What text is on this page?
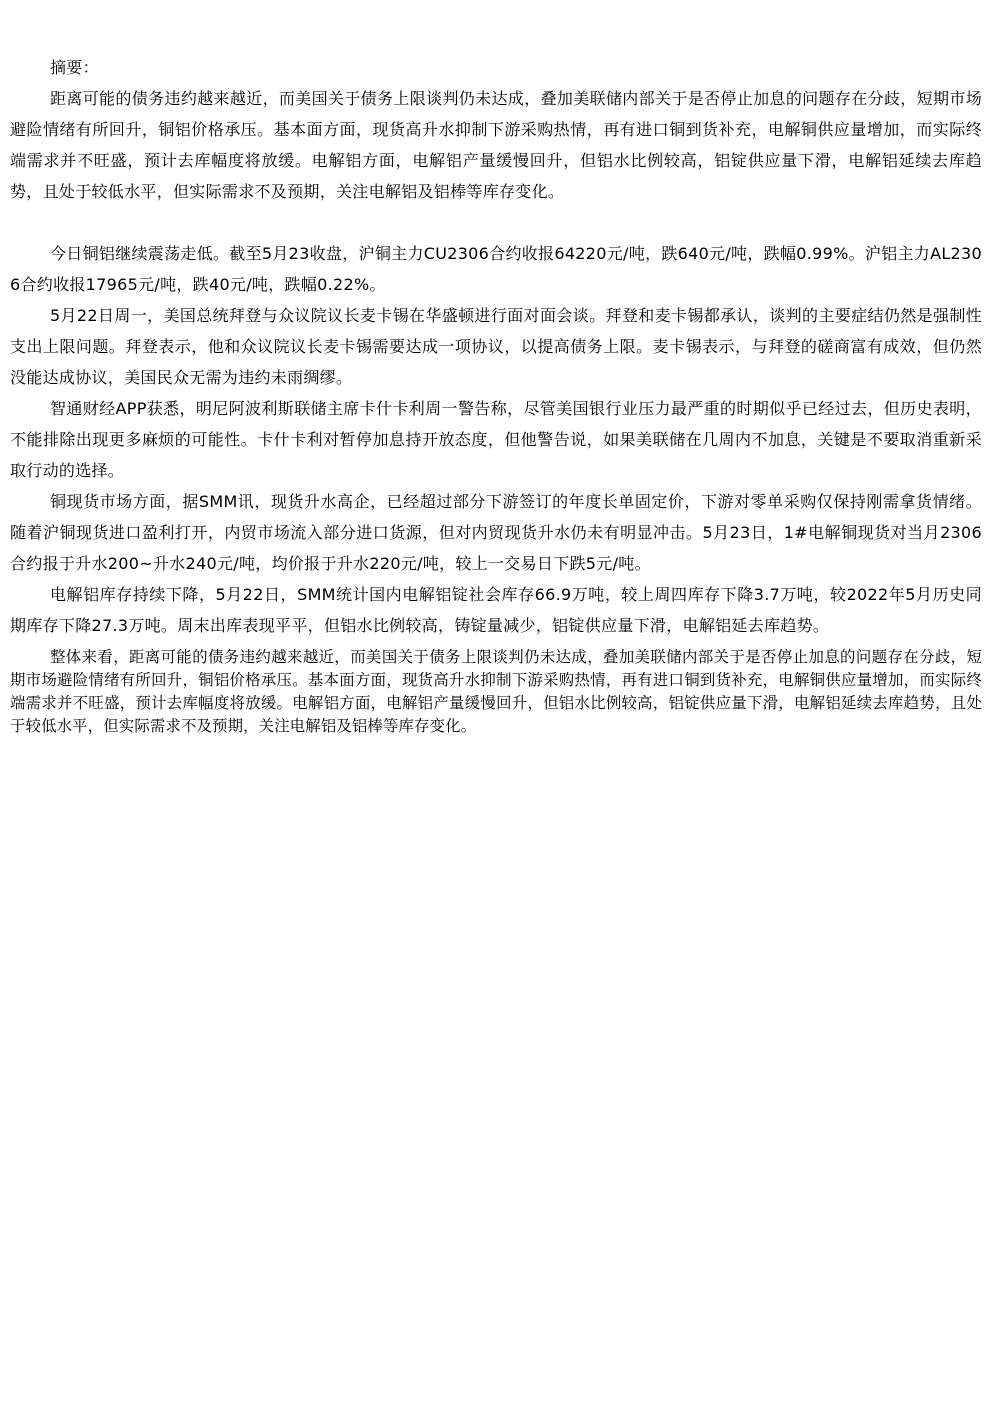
摘要：

距离可能的债务违约越来越近，而美国关于债务上限谈判仍未达成，叠加美联储内部关于是否停止加息的问题存在分歧，短期市场避险情绪有所回升，铜铝价格承压。基本面方面，现货高升水抑制下游采购热情，再有进口铜到货补充，电解铜供应量增加，而实际终端需求并不旺盛，预计去库幅度将放缓。电解铝方面，电解铝产量缓慢回升，但铝水比例较高，铝锭供应量下滑，电解铝延续去库趋势，且处于较低水平，但实际需求不及预期，关注电解铝及铝棒等库存变化。

今日铜铝继续震荡走低。截至5月23收盘，沪铜主力CU2306合约收报64220元/吨，跌640元/吨，跌幅0.99%。沪铝主力AL2306合约收报17965元/吨，跌40元/吨，跌幅0.22%。

5月22日周一，美国总统拜登与众议院议长麦卡锡在华盛顿进行面对面会谈。拜登和麦卡锡都承认，谈判的主要症结仍然是强制性支出上限问题。拜登表示，他和众议院议长麦卡锡需要达成一项协议，以提高债务上限。麦卡锡表示，与拜登的磋商富有成效，但仍然没能达成协议，美国民众无需为违约未雨绸缪。

智通财经APP获悉，明尼阿波利斯联储主席卡什卡利周一警告称，尽管美国银行业压力最严重的时期似乎已经过去，但历史表明，不能排除出现更多麻烦的可能性。卡什卡利对暂停加息持开放态度，但他警告说，如果美联储在几周内不加息，关键是不要取消重新采取行动的选择。

铜现货市场方面，据SMM讯，现货升水高企，已经超过部分下游签订的年度长单固定价，下游对零单采购仅保持刚需拿货情绪。随着沪铜现货进口盈利打开，内贸市场流入部分进口货源，但对内贸现货升水仍未有明显冲击。5月23日，1#电解铜现货对当月2306合约报于升水200~升水240元/吨，均价报于升水220元/吨，较上一交易日下跌5元/吨。

电解铝库存持续下降，5月22日，SMM统计国内电解铝锭社会库存66.9万吨，较上周四库存下降3.7万吨，较2022年5月历史同期库存下降27.3万吨。周末出库表现平平，但铝水比例较高，铸锭量减少，铝锭供应量下滑，电解铝延去库趋势。

整体来看，距离可能的债务违约越来越近，而美国关于债务上限谈判仍未达成，叠加美联储内部关于是否停止加息的问题存在分歧，短期市场避险情绪有所回升，铜铝价格承压。基本面方面，现货高升水抑制下游采购热情，再有进口铜到货补充，电解铜供应量增加，而实际终端需求并不旺盛，预计去库幅度将放缓。电解铝方面，电解铝产量缓慢回升，但铝水比例较高，铝锭供应量下滑，电解铝延续去库趋势，且处于较低水平，但实际需求不及预期，关注电解铝及铝棒等库存变化。
